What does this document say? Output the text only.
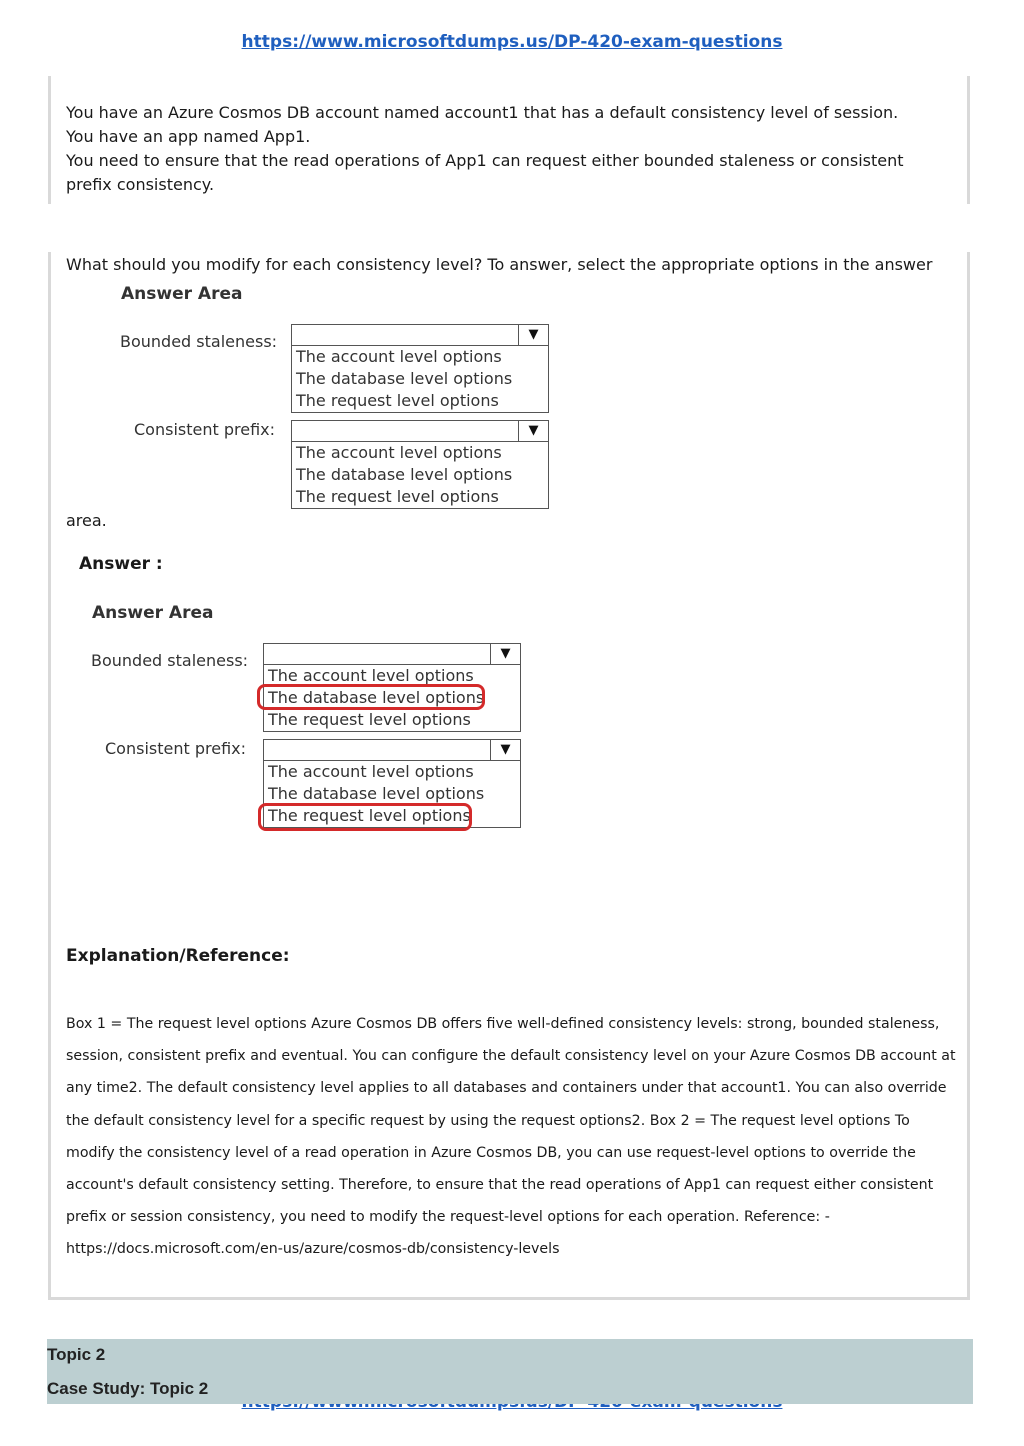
https://www.microsoftdumps.us/DP-420-exam-questions

You have an Azure Cosmos DB account named account1 that has a default consistency level of session.

You have an app named App1.

You need to ensure that the read operations of App1 can request either bounded staleness or consistent

prefix consistency.

What should you modify for each consistency level? To answer, select the appropriate options in the answer

Answer Area
Bounded staleness:	▼
The account level options
The database level options
The request level options
Consistent prefix:	▼
The account level options
The database level options
The request level options

area.

Answer :
Answer Area
Bounded staleness:	▼
The account level options
The database level options
The request level options
Consistent prefix:	▼
The account level options
The database level options
The request level options
Explanation/Reference:

Box 1 = The request level options Azure Cosmos DB offers five well-defined consistency levels: strong, bounded staleness, session, consistent prefix and eventual. You can configure the default consistency level on your Azure Cosmos DB account at any time2. The default consistency level applies to all databases and containers under that account1. You can also override the default consistency level for a specific request by using the request options2. Box 2 = The request level options To modify the consistency level of a read operation in Azure Cosmos DB, you can use request-level options to override the account's default consistency setting. Therefore, to ensure that the read operations of App1 can request either consistent prefix or session consistency, you need to modify the request-level options for each operation. Reference: - https://docs.microsoft.com/en-us/azure/cosmos-db/consistency-levels

Topic 2
Case Study: Topic 2
